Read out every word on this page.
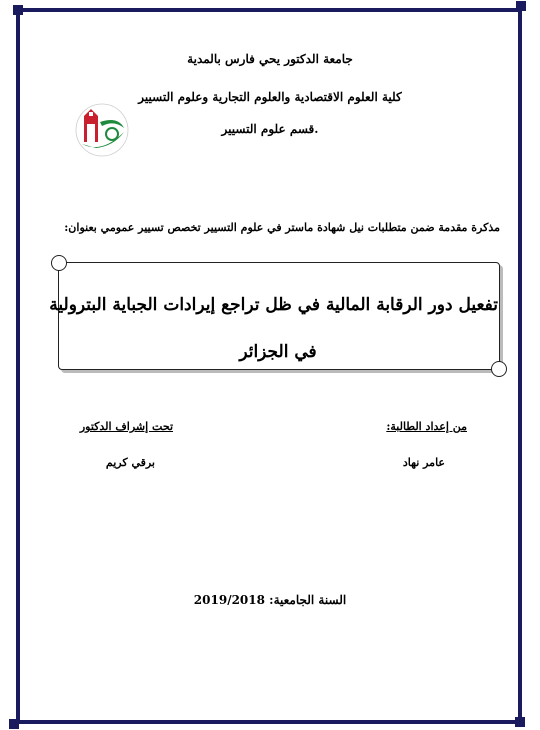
جامعة الدكتور يحي فارس بالمدية
كلية العلوم الاقتصادية والعلوم التجارية وعلوم التسيير
.قسم علوم التسيير
مذكرة مقدمة ضمن متطلبات نيل شهادة ماستر في علوم التسيير تخصص تسيير عمومي بعنوان:
تفعيل دور الرقابة المالية في ظل تراجع إيرادات الجباية البترولية
في الجزائر
من إعداد الطالبة:
تحت إشراف الدكتور
عامر نهاد
برقي كريم
السنة الجامعية: 2019/2018
